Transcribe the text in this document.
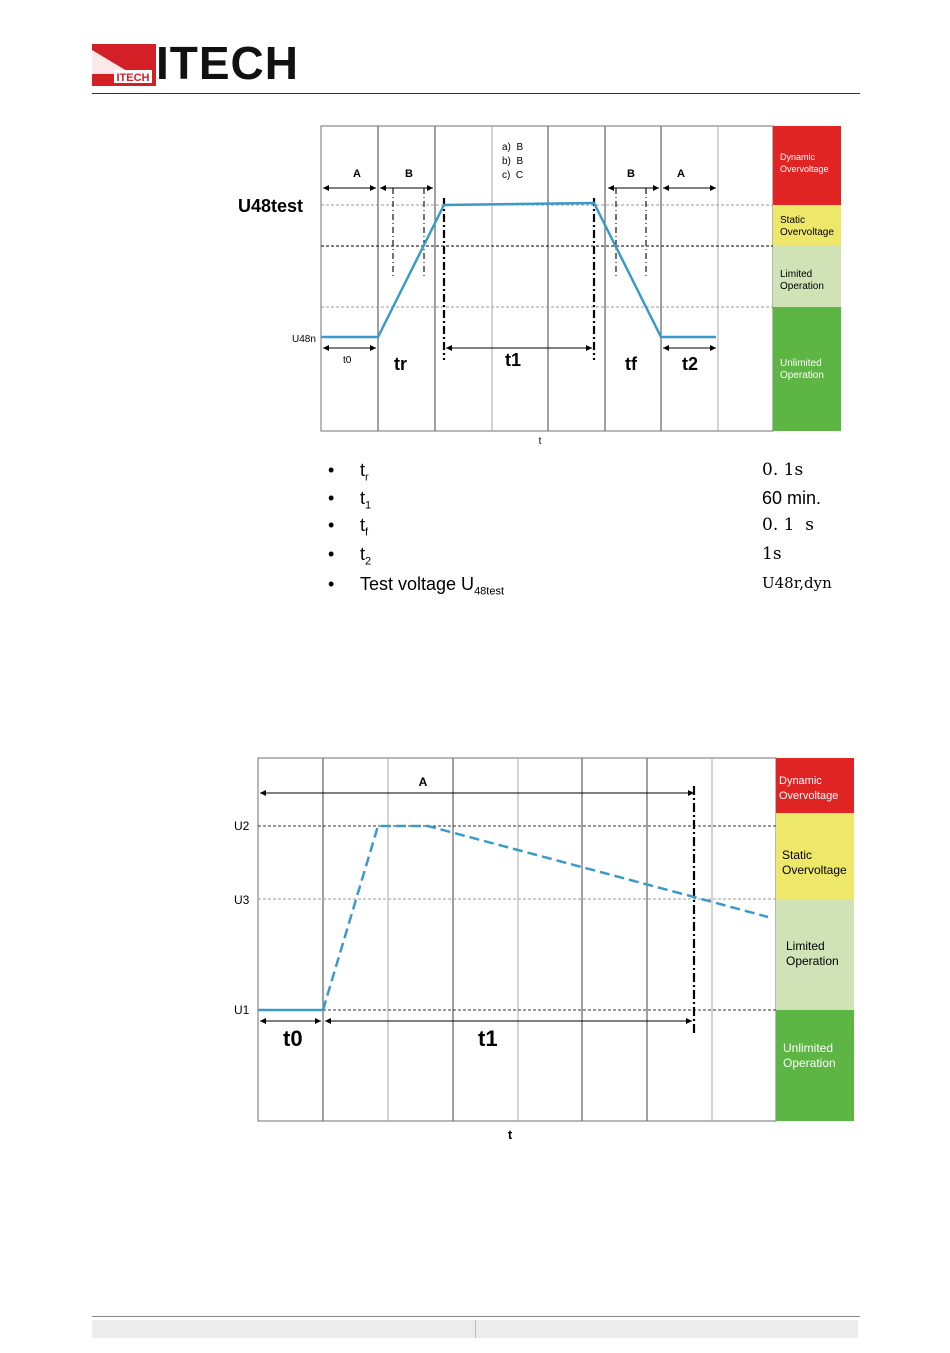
ITECH ITECH
Dynamic
Overvoltage
Static
Overvoltage
Limited
Operation
Unlimited
Operation
A	B	B	A
a)  B
b)  B
c)  C
U48test
U48n
t0 tr	t1	tf	t2
t
• $t_r$	0. 1s
• $t_1$	60 min.
• $t_f$	0. 1  s
• $t_2$	1s
• Test voltage $U_{48test}$	U48r,dyn
Dynamic
Overvoltage
Static
Overvoltage
Limited
Operation
Unlimited
Operation
A
U2
U3
U1
t0	t1
t
